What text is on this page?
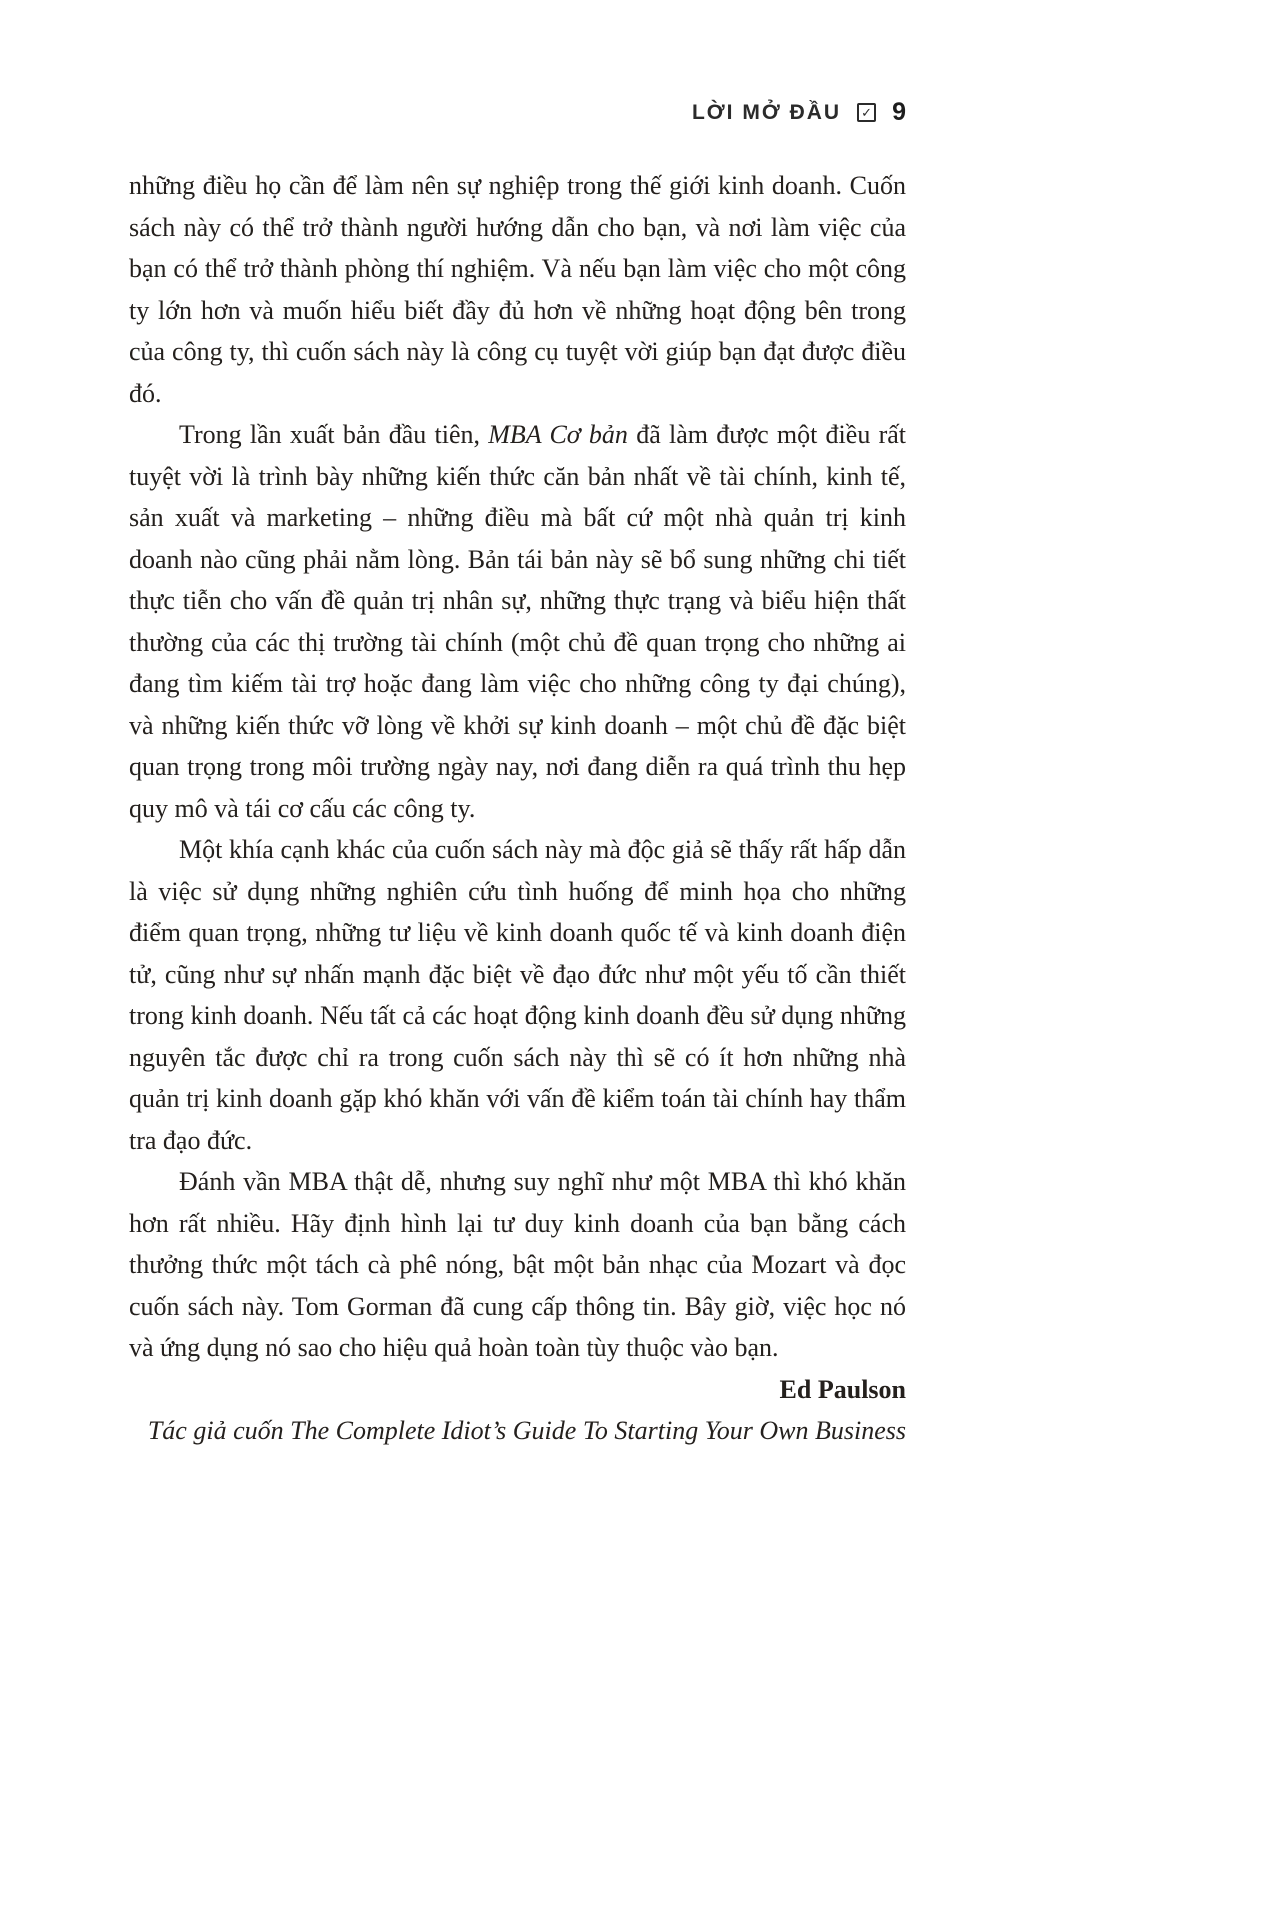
LỜI MỞ ĐẦU ✓ 9

những điều họ cần để làm nên sự nghiệp trong thế giới kinh doanh. Cuốn sách này có thể trở thành người hướng dẫn cho bạn, và nơi làm việc của bạn có thể trở thành phòng thí nghiệm. Và nếu bạn làm việc cho một công ty lớn hơn và muốn hiểu biết đầy đủ hơn về những hoạt động bên trong của công ty, thì cuốn sách này là công cụ tuyệt vời giúp bạn đạt được điều đó.

Trong lần xuất bản đầu tiên, MBA Cơ bản đã làm được một điều rất tuyệt vời là trình bày những kiến thức căn bản nhất về tài chính, kinh tế, sản xuất và marketing – những điều mà bất cứ một nhà quản trị kinh doanh nào cũng phải nằm lòng. Bản tái bản này sẽ bổ sung những chi tiết thực tiễn cho vấn đề quản trị nhân sự, những thực trạng và biểu hiện thất thường của các thị trường tài chính (một chủ đề quan trọng cho những ai đang tìm kiếm tài trợ hoặc đang làm việc cho những công ty đại chúng), và những kiến thức vỡ lòng về khởi sự kinh doanh – một chủ đề đặc biệt quan trọng trong môi trường ngày nay, nơi đang diễn ra quá trình thu hẹp quy mô và tái cơ cấu các công ty.

Một khía cạnh khác của cuốn sách này mà độc giả sẽ thấy rất hấp dẫn là việc sử dụng những nghiên cứu tình huống để minh họa cho những điểm quan trọng, những tư liệu về kinh doanh quốc tế và kinh doanh điện tử, cũng như sự nhấn mạnh đặc biệt về đạo đức như một yếu tố cần thiết trong kinh doanh. Nếu tất cả các hoạt động kinh doanh đều sử dụng những nguyên tắc được chỉ ra trong cuốn sách này thì sẽ có ít hơn những nhà quản trị kinh doanh gặp khó khăn với vấn đề kiểm toán tài chính hay thẩm tra đạo đức.

Đánh vần MBA thật dễ, nhưng suy nghĩ như một MBA thì khó khăn hơn rất nhiều. Hãy định hình lại tư duy kinh doanh của bạn bằng cách thưởng thức một tách cà phê nóng, bật một bản nhạc của Mozart và đọc cuốn sách này. Tom Gorman đã cung cấp thông tin. Bây giờ, việc học nó và ứng dụng nó sao cho hiệu quả hoàn toàn tùy thuộc vào bạn.

Ed Paulson

Tác giả cuốn The Complete Idiot’s Guide To Starting Your Own Business
